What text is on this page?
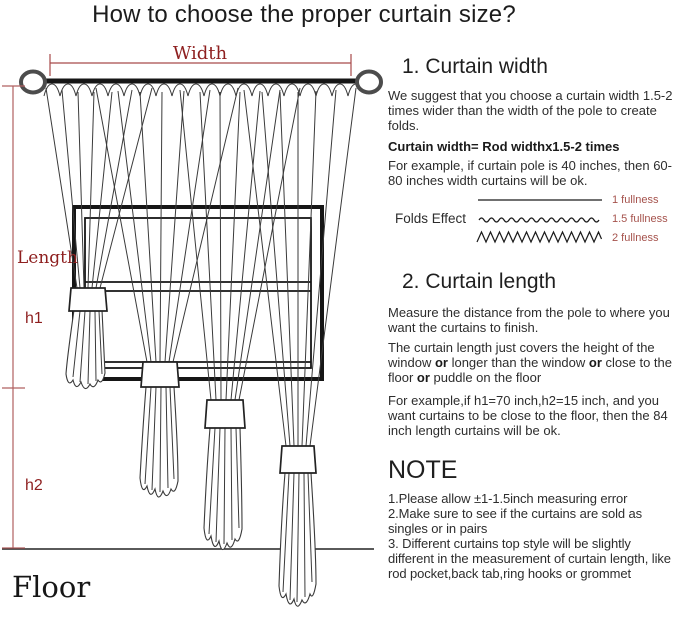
How to choose the proper curtain size?
Width
Length
h1
h2
Floor
1. Curtain width

We suggest that you choose a curtain width 1.5-2 times wider than the width of the pole to create folds.

Curtain width= Rod widthx1.5-2 times

For example, if curtain pole is 40 inches, then 60-80 inches width curtains will be ok.

Folds Effect
1 fullness
1.5 fullness
2 fullness
2. Curtain length

Measure the distance from the pole to where you want the curtains to finish.

The curtain length just covers the height of the window or longer than the window or close to the floor or puddle on the floor

For example,if h1=70 inch,h2=15 inch, and you want curtains to be close to the floor, then the 84 inch length curtains will be ok.

NOTE
1.Please allow ±1-1.5inch measuring error
2.Make sure to see if the curtains are sold as singles or in pairs
3. Different curtains top style will be slightly different in the measurement of curtain length, like rod pocket,back tab,ring hooks or grommet
